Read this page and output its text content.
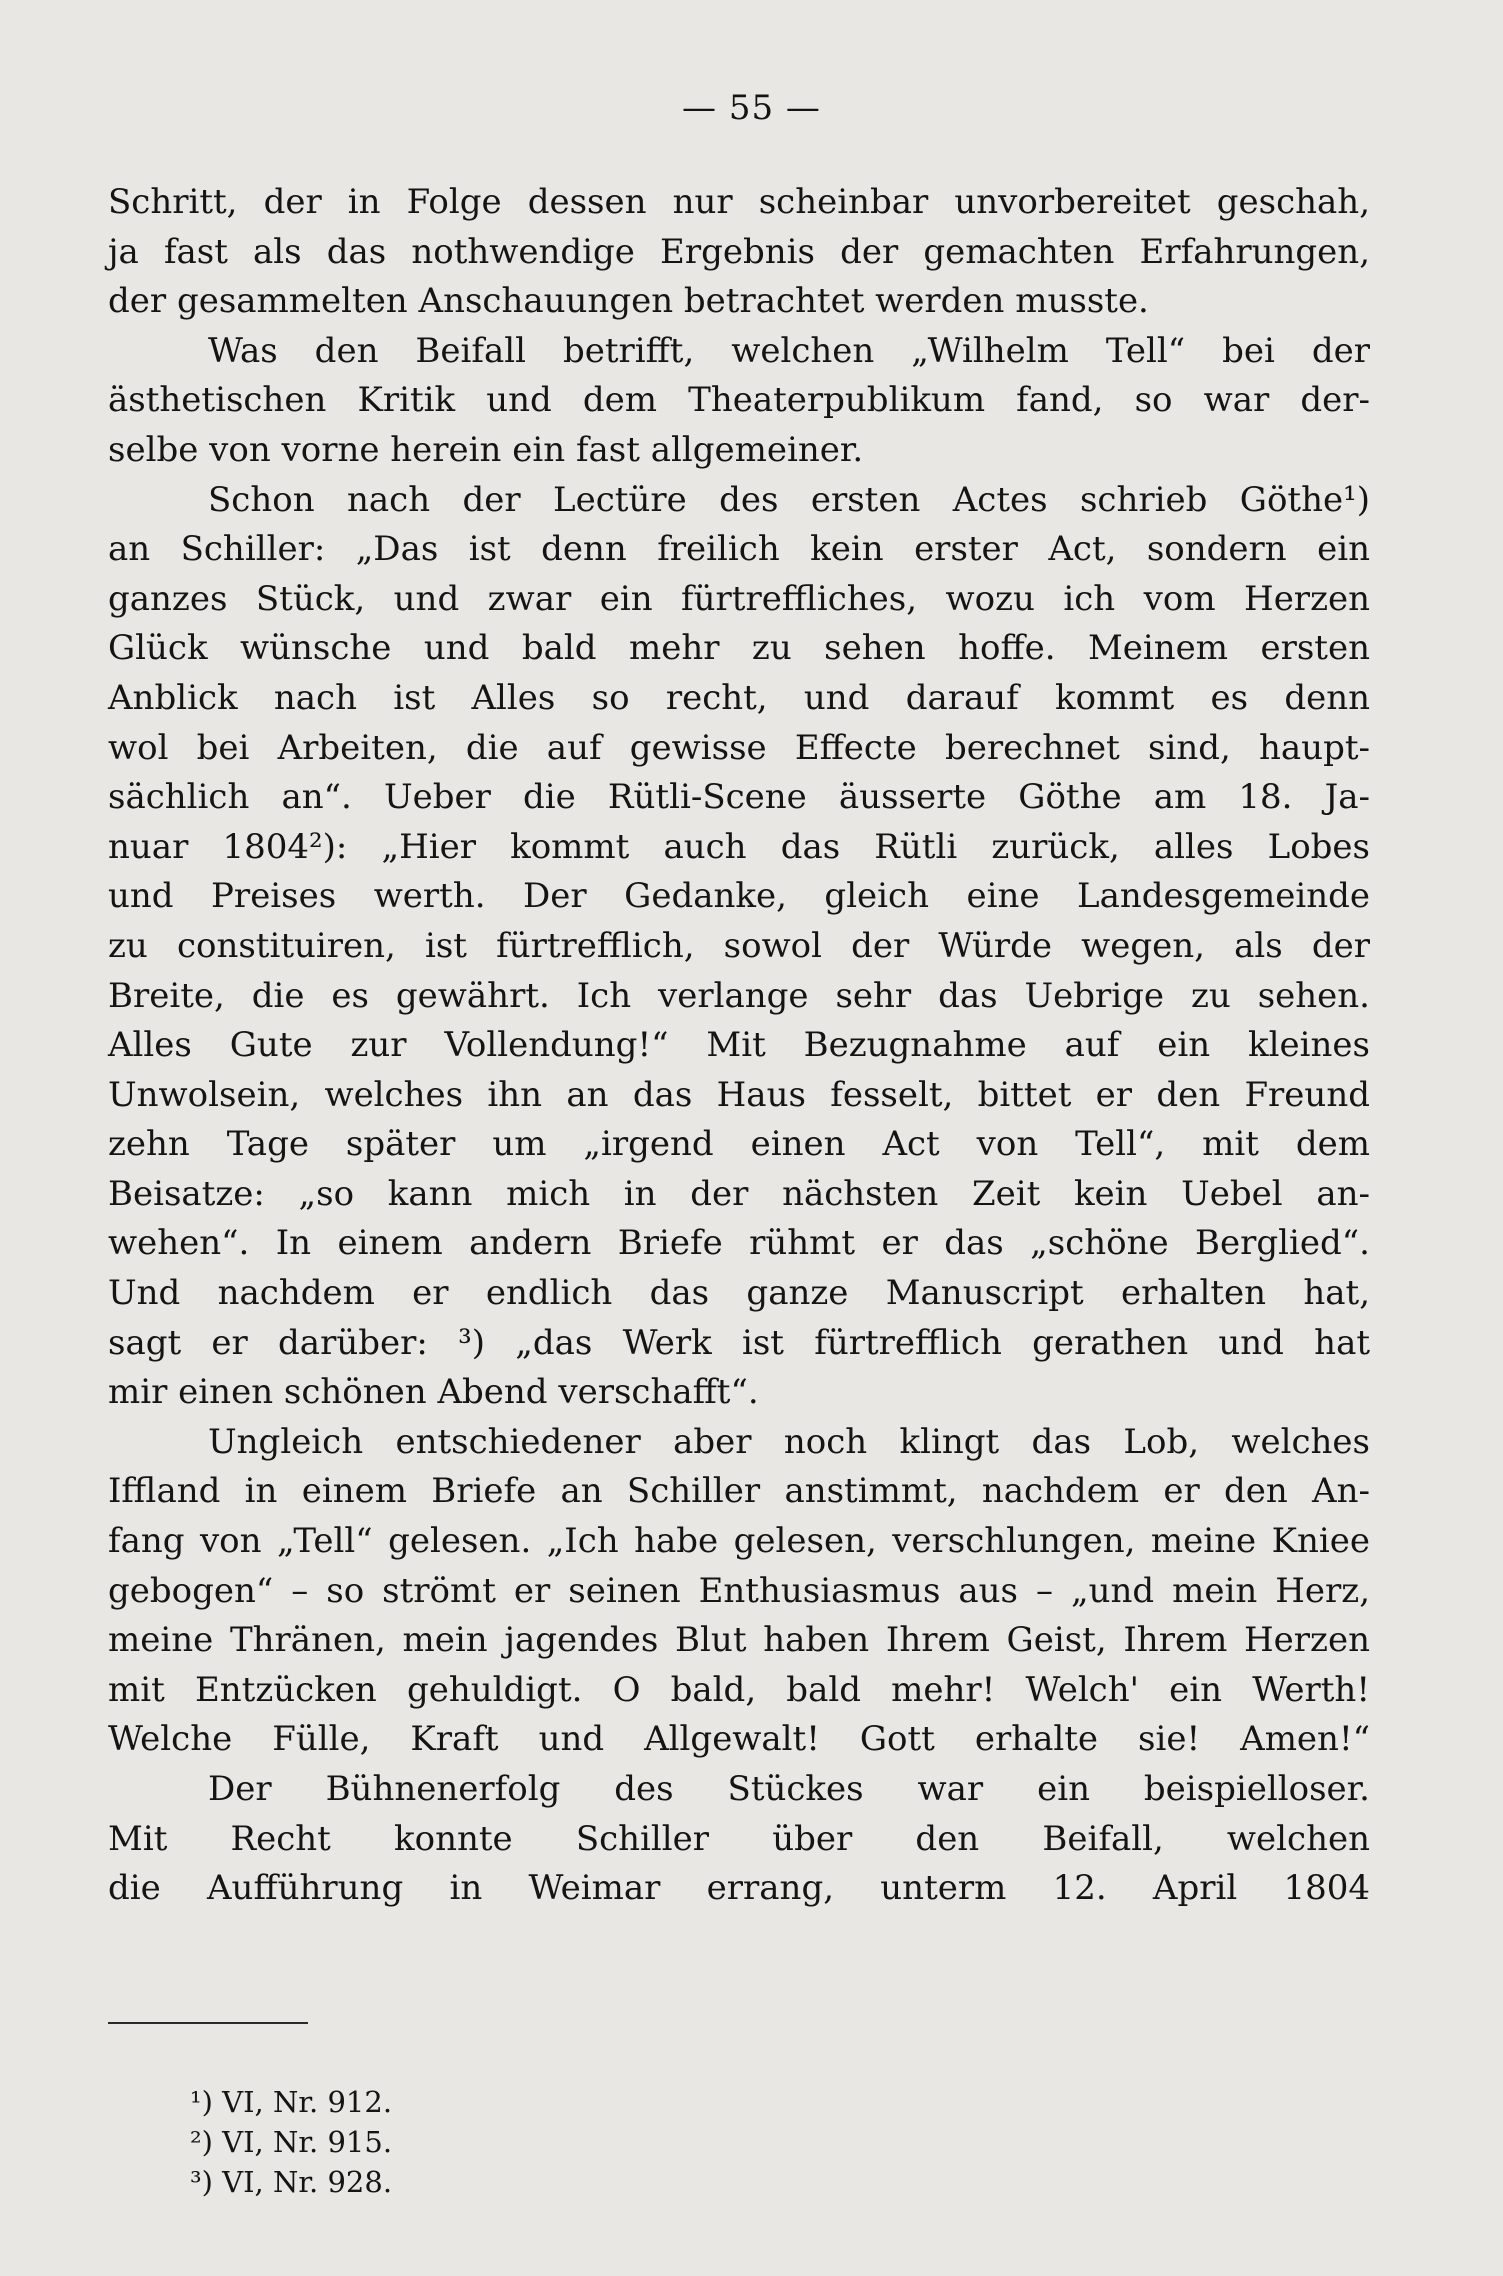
— 55 —
Schritt, der in Folge dessen nur scheinbar unvorbereitet geschah,
ja fast als das nothwendige Ergebnis der gemachten Erfahrungen,
der gesammelten Anschauungen betrachtet werden musste.
Was den Beifall betrifft, welchen „Wilhelm Tell“ bei der
ästhetischen Kritik und dem Theaterpublikum fand, so war der-
selbe von vorne herein ein fast allgemeiner.
Schon nach der Lectüre des ersten Actes schrieb Göthe¹)
an Schiller: „Das ist denn freilich kein erster Act, sondern ein
ganzes Stück, und zwar ein fürtreffliches, wozu ich vom Herzen
Glück wünsche und bald mehr zu sehen hoffe. Meinem ersten
Anblick nach ist Alles so recht, und darauf kommt es denn
wol bei Arbeiten, die auf gewisse Effecte berechnet sind, haupt-
sächlich an“. Ueber die Rütli-Scene äusserte Göthe am 18. Ja-
nuar 1804²): „Hier kommt auch das Rütli zurück, alles Lobes
und Preises werth. Der Gedanke, gleich eine Landesgemeinde
zu constituiren, ist fürtrefflich, sowol der Würde wegen, als der
Breite, die es gewährt. Ich verlange sehr das Uebrige zu sehen.
Alles Gute zur Vollendung!“ Mit Bezugnahme auf ein kleines
Unwolsein, welches ihn an das Haus fesselt, bittet er den Freund
zehn Tage später um „irgend einen Act von Tell“, mit dem
Beisatze: „so kann mich in der nächsten Zeit kein Uebel an-
wehen“. In einem andern Briefe rühmt er das „schöne Berglied“.
Und nachdem er endlich das ganze Manuscript erhalten hat,
sagt er darüber: ³) „das Werk ist fürtrefflich gerathen und hat
mir einen schönen Abend verschafft“.
Ungleich entschiedener aber noch klingt das Lob, welches
Iffland in einem Briefe an Schiller anstimmt, nachdem er den An-
fang von „Tell“ gelesen. „Ich habe gelesen, verschlungen, meine Kniee
gebogen“ – so strömt er seinen Enthusiasmus aus – „und mein Herz,
meine Thränen, mein jagendes Blut haben Ihrem Geist, Ihrem Herzen
mit Entzücken gehuldigt. O bald, bald mehr! Welch' ein Werth!
Welche Fülle, Kraft und Allgewalt! Gott erhalte sie! Amen!“
Der Bühnenerfolg des Stückes war ein beispielloser.
Mit Recht konnte Schiller über den Beifall, welchen
die Aufführung in Weimar errang, unterm 12. April 1804
¹) VI, Nr. 912.
²) VI, Nr. 915.
³) VI, Nr. 928.
